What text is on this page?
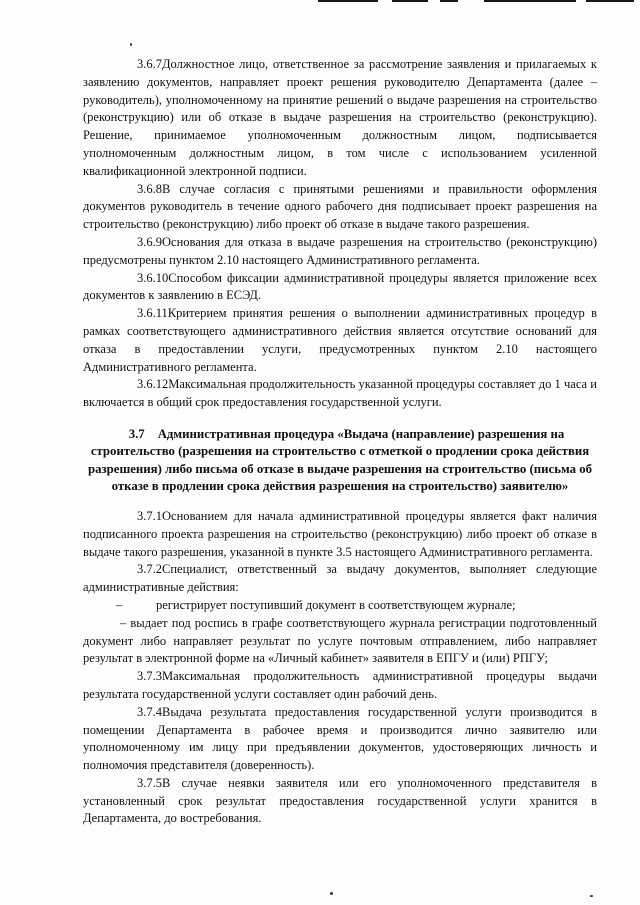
3.6.7Должностное лицо, ответственное за рассмотрение заявления и прилагаемых к заявлению документов, направляет проект решения руководителю Департамента (далее – руководитель), уполномоченному на принятие решений о выдаче разрешения на строительство (реконструкцию) или об отказе в выдаче разрешения на строительство (реконструкцию). Решение, принимаемое уполномоченным должностным лицом, подписывается уполномоченным должностным лицом, в том числе с использованием усиленной квалификационной электронной подписи.

3.6.8В случае согласия с принятыми решениями и правильности оформления документов руководитель в течение одного рабочего дня подписывает проект разрешения на строительство (реконструкцию) либо проект об отказе в выдаче такого разрешения.

3.6.9Основания для отказа в выдаче разрешения на строительство (реконструкцию) предусмотрены пунктом 2.10 настоящего Административного регламента.

3.6.10Способом фиксации административной процедуры является приложение всех документов к заявлению в ЕСЭД.

3.6.11Критерием принятия решения о выполнении административных процедур в рамках соответствующего административного действия является отсутствие оснований для отказа в предоставлении услуги, предусмотренных пунктом 2.10 настоящего Административного регламента.

3.6.12Максимальная продолжительность указанной процедуры составляет до 1 часа и включается в общий срок предоставления государственной услуги.

3.7 Административная процедура «Выдача (направление) разрешения на строительство (разрешения на строительство с отметкой о продлении срока действия разрешения) либо письма об отказе в выдаче разрешения на строительство (письма об отказе в продлении срока действия разрешения на строительство) заявителю»

3.7.1Основанием для начала административной процедуры является факт наличия подписанного проекта разрешения на строительство (реконструкцию) либо проект об отказе в выдаче такого разрешения, указанной в пункте 3.5 настоящего Административного регламента.

3.7.2Специалист, ответственный за выдачу документов, выполняет следующие административные действия:

–	регистрирует поступивший документ в соответствующем журнале;

– выдает под роспись в графе соответствующего журнала регистрации подготовленный документ либо направляет результат по услуге почтовым отправлением, либо направляет результат в электронной форме на «Личный кабинет» заявителя в ЕПГУ и (или) РПГУ;

3.7.3Максимальная продолжительность административной процедуры выдачи результата государственной услуги составляет один рабочий день.

3.7.4Выдача результата предоставления государственной услуги производится в помещении Департамента в рабочее время и производится лично заявителю или уполномоченному им лицу при предъявлении документов, удостоверяющих личность и полномочия представителя (доверенность).

3.7.5В случае неявки заявителя или его уполномоченного представителя в установленный срок результат предоставления государственной услуги хранится в Департамента, до востребования.
